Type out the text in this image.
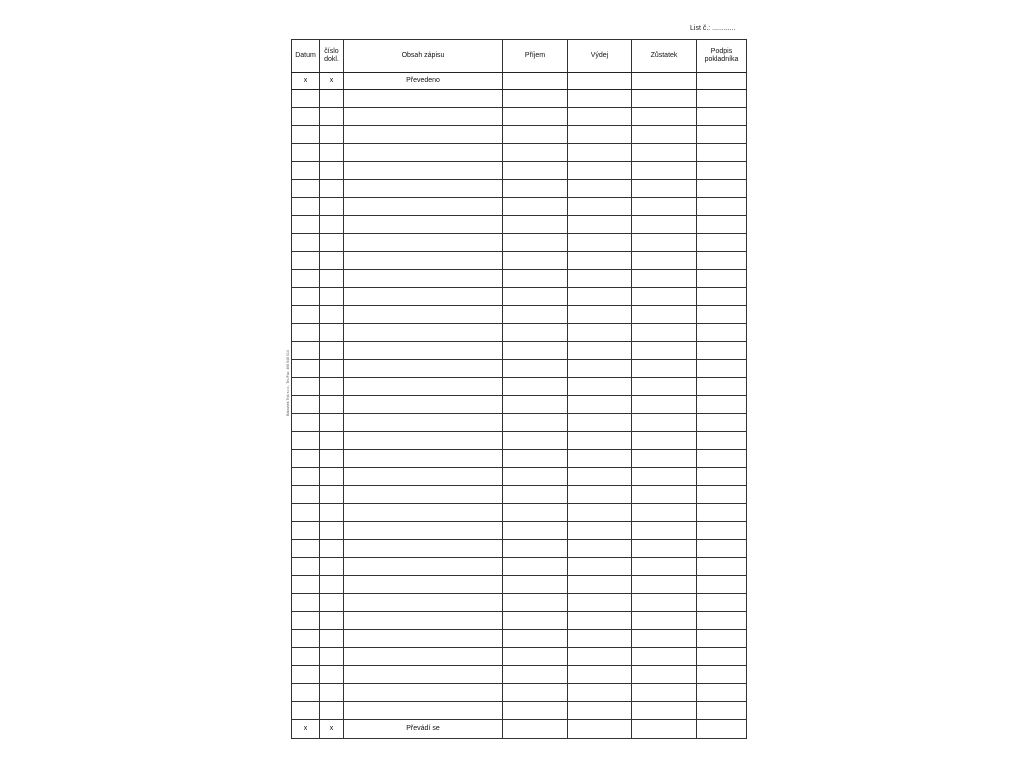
List č.: ............
Baloušek Tisk s.r.o., Tel./Fax: 466 648 014
Datum	číslo dokl.	Obsah zápisu	Příjem	Výdej	Zůstatek	Podpis pokladníka
x	x	Převedeno				

x	x	Převádí se				
